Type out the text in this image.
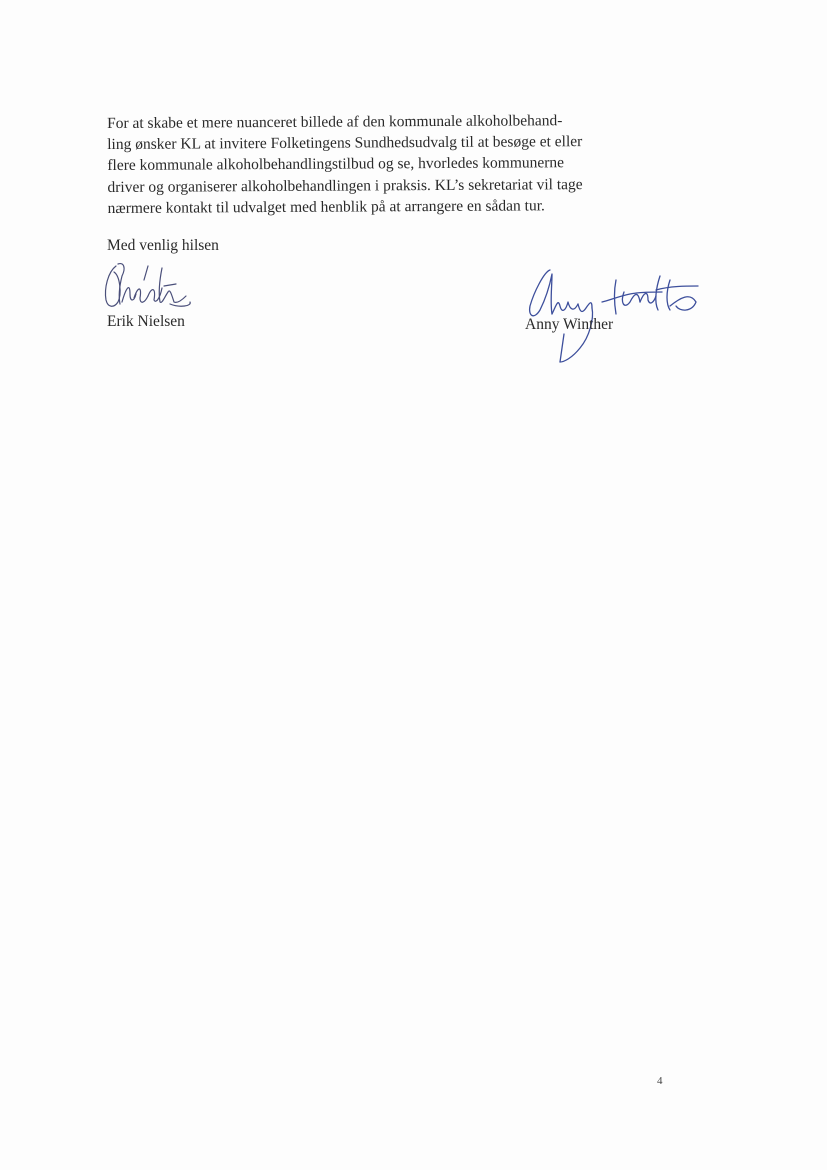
For at skabe et mere nuanceret billede af den kommunale alkoholbehand-
ling ønsker KL at invitere Folketingens Sundhedsudvalg til at besøge et eller
flere kommunale alkoholbehandlingstilbud og se, hvorledes kommunerne
driver og organiserer alkoholbehandlingen i praksis. KL’s sekretariat vil tage
nærmere kontakt til udvalget med henblik på at arrangere en sådan tur.

Med venlig hilsen

Erik Nielsen	Anny Winther

4
